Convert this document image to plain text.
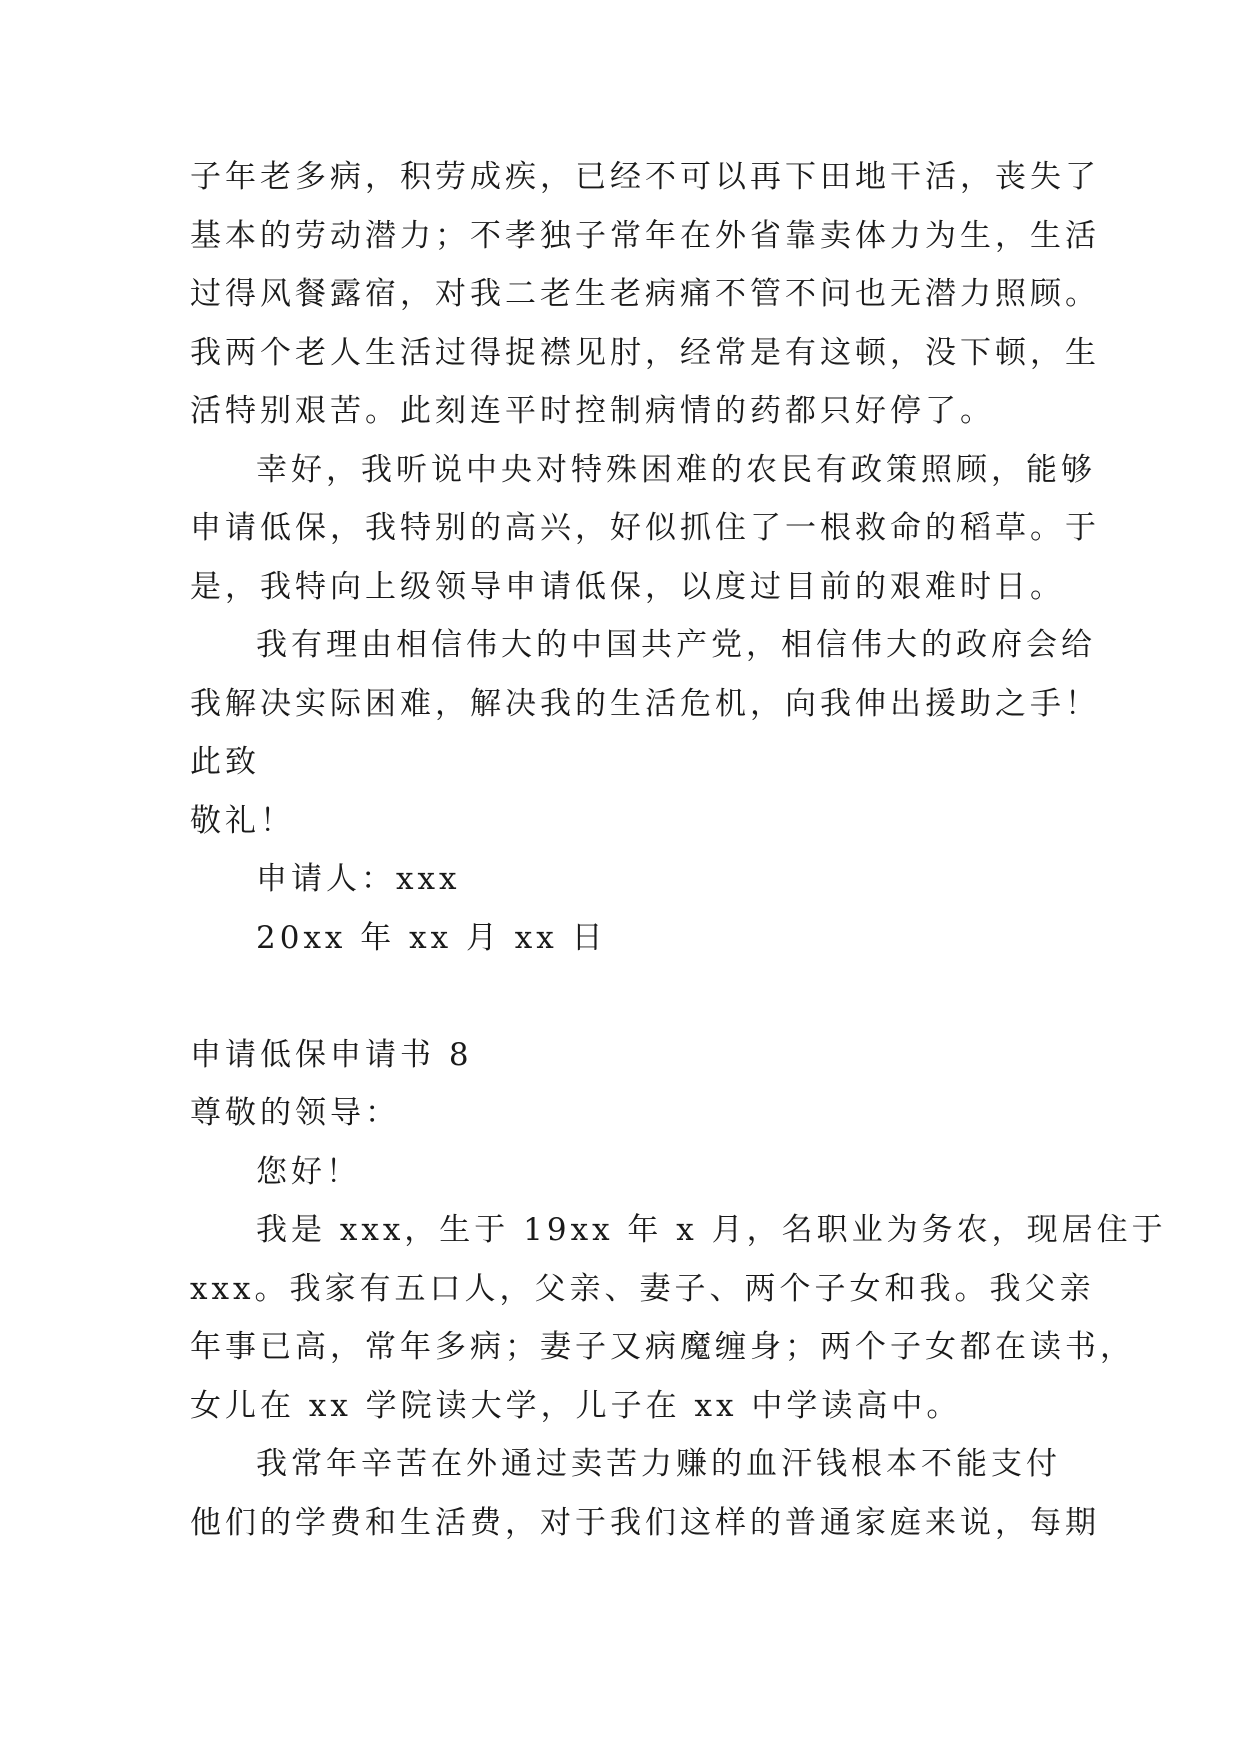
子年老多病，积劳成疾，已经不可以再下田地干活，丧失了
基本的劳动潜力；不孝独子常年在外省靠卖体力为生，生活
过得风餐露宿，对我二老生老病痛不管不问也无潜力照顾。
我两个老人生活过得捉襟见肘，经常是有这顿，没下顿，生
活特别艰苦。此刻连平时控制病情的药都只好停了。
幸好，我听说中央对特殊困难的农民有政策照顾，能够
申请低保，我特别的高兴，好似抓住了一根救命的稻草。于
是，我特向上级领导申请低保，以度过目前的艰难时日。
我有理由相信伟大的中国共产党，相信伟大的政府会给
我解决实际困难，解决我的生活危机，向我伸出援助之手！
此致
敬礼！
申请人：xxx
20xx 年 xx 月 xx 日
申请低保申请书 8
尊敬的领导：
您好！
我是 xxx，生于 19xx 年 x 月，名职业为务农，现居住于
xxx。我家有五口人，父亲、妻子、两个子女和我。我父亲
年事已高，常年多病；妻子又病魔缠身；两个子女都在读书，
女儿在 xx 学院读大学，儿子在 xx 中学读高中。
我常年辛苦在外通过卖苦力赚的血汗钱根本不能支付
他们的学费和生活费，对于我们这样的普通家庭来说，每期
